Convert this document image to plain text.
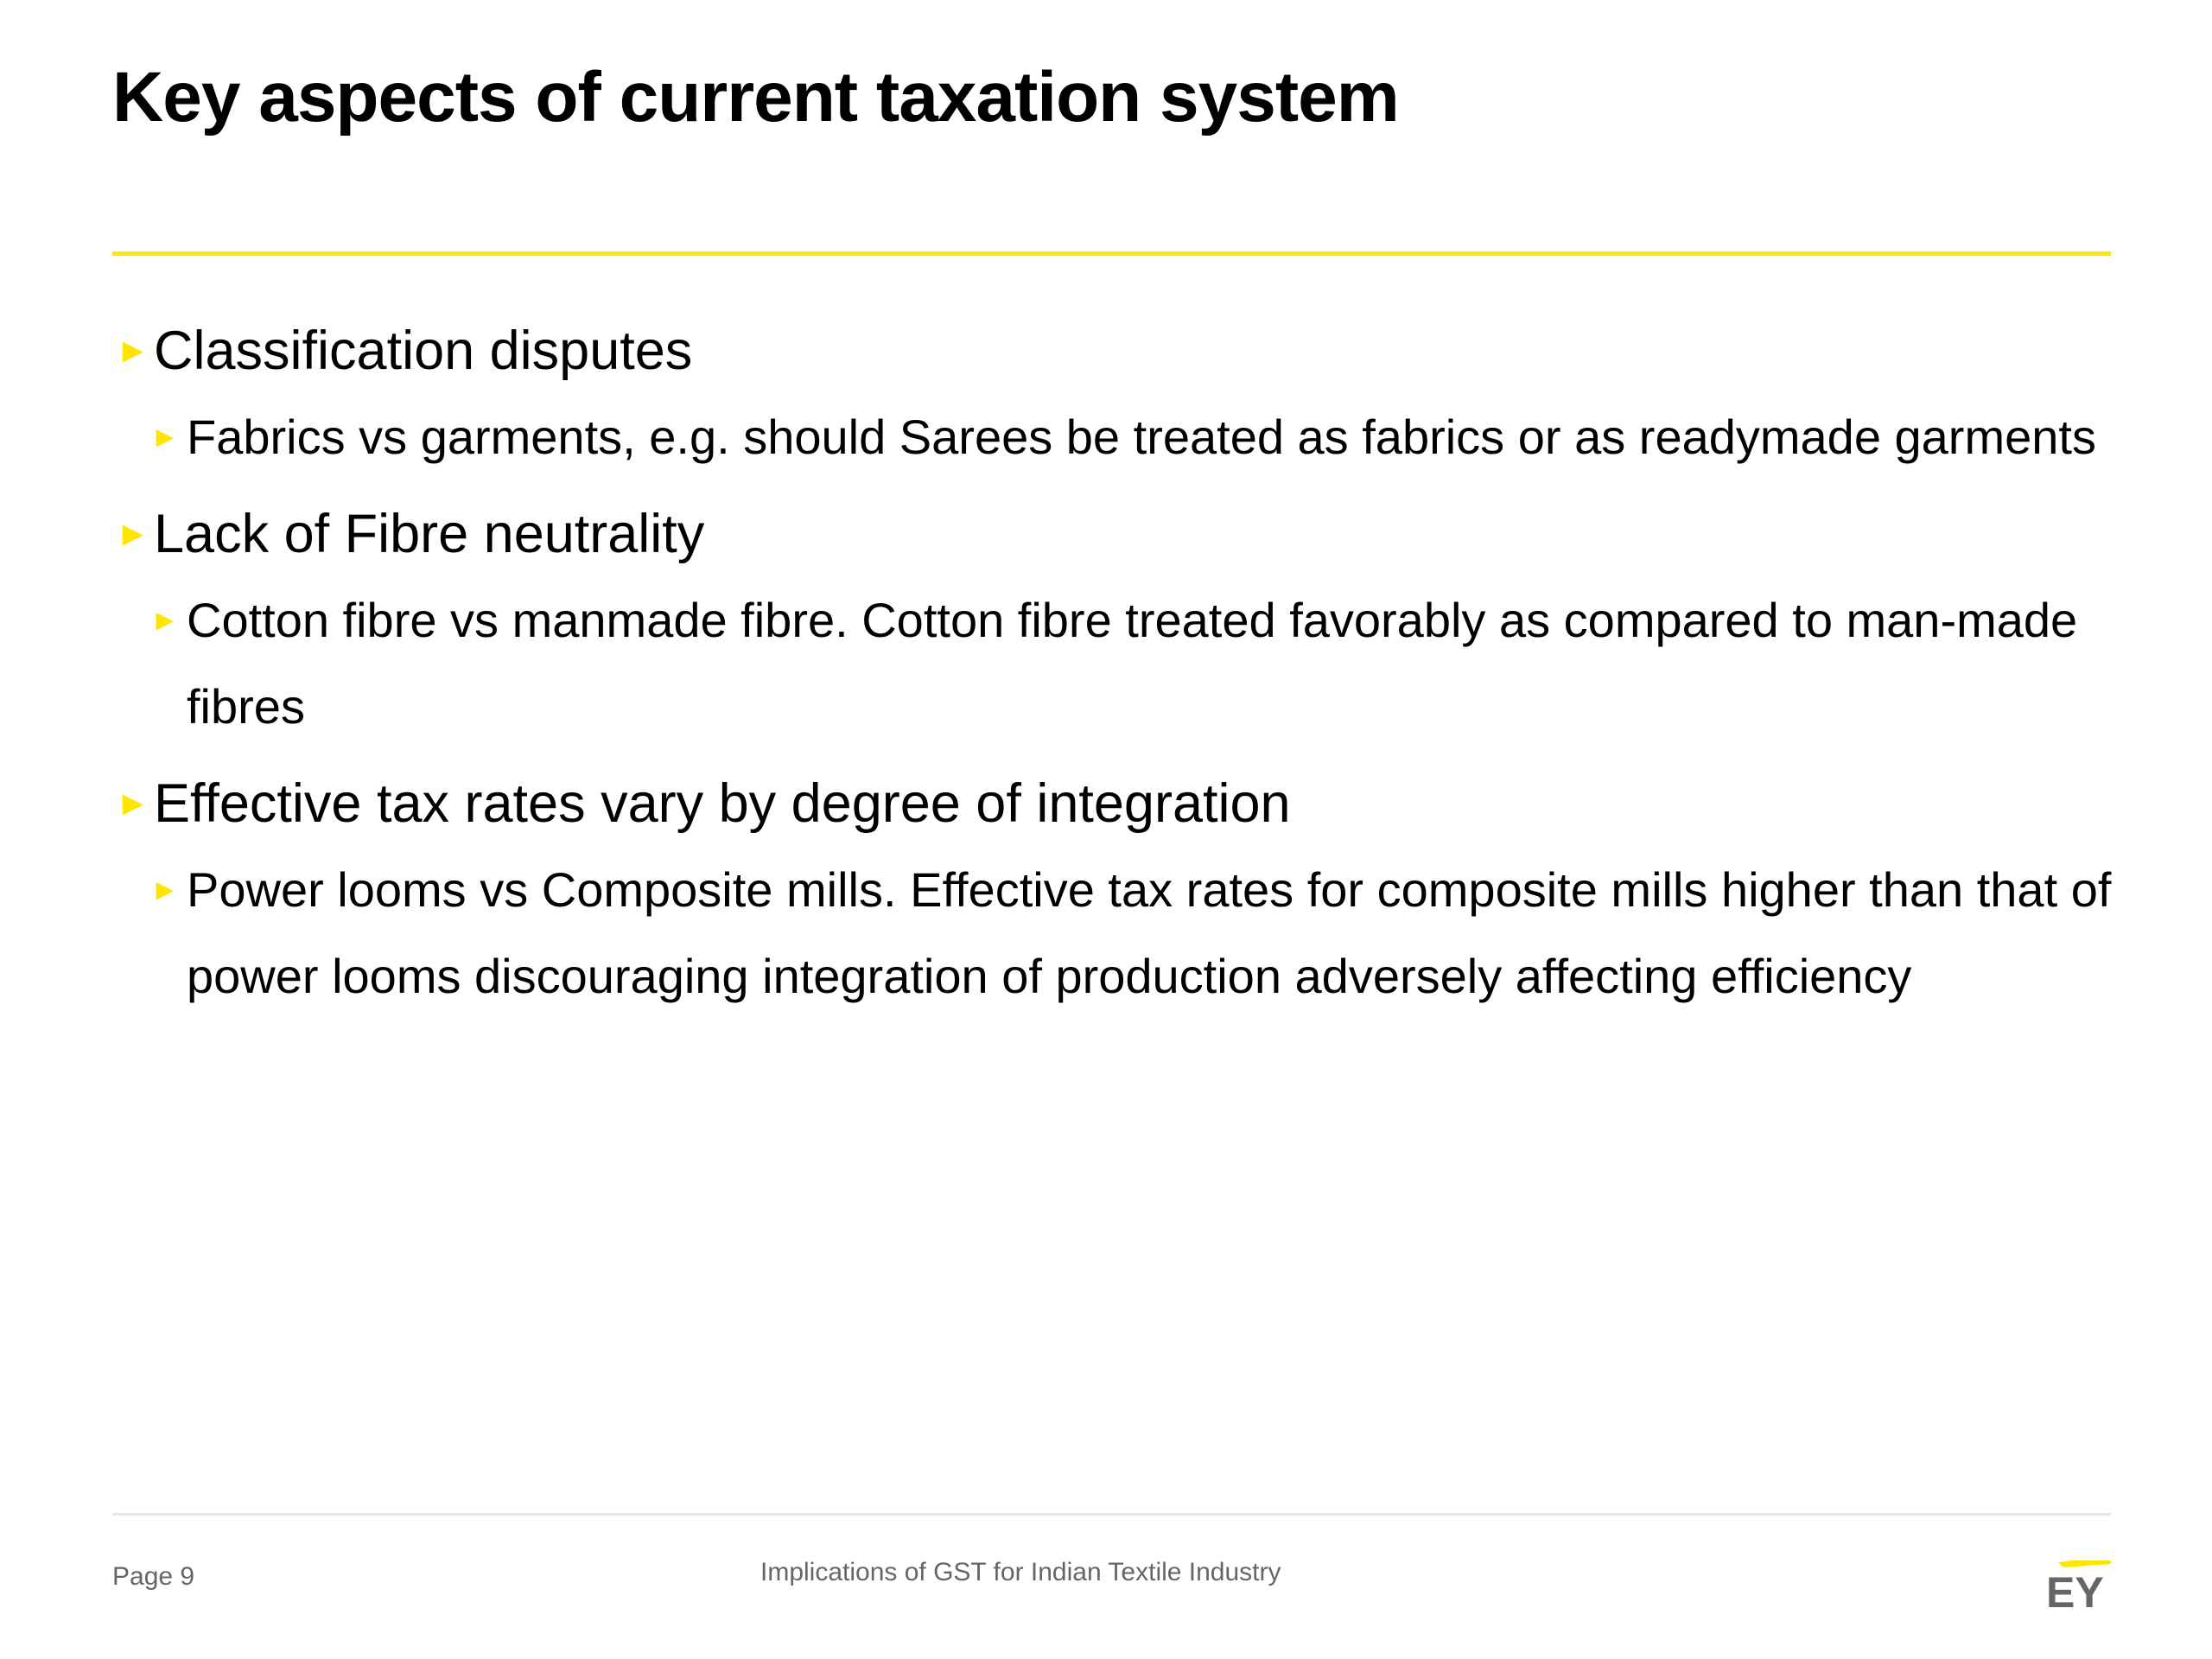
Key aspects of current taxation system
► Classification disputes
► Fabrics vs garments, e.g. should Sarees be treated as fabrics or as readymade garments
► Lack of Fibre neutrality
► Cotton fibre vs manmade fibre. Cotton fibre treated favorably as compared to man-made fibres
► Effective tax rates vary by degree of integration
► Power looms vs Composite mills. Effective tax rates for composite mills higher than that of power looms discouraging integration of production adversely affecting efficiency
Page 9	Implications of GST for Indian Textile Industry	EY
